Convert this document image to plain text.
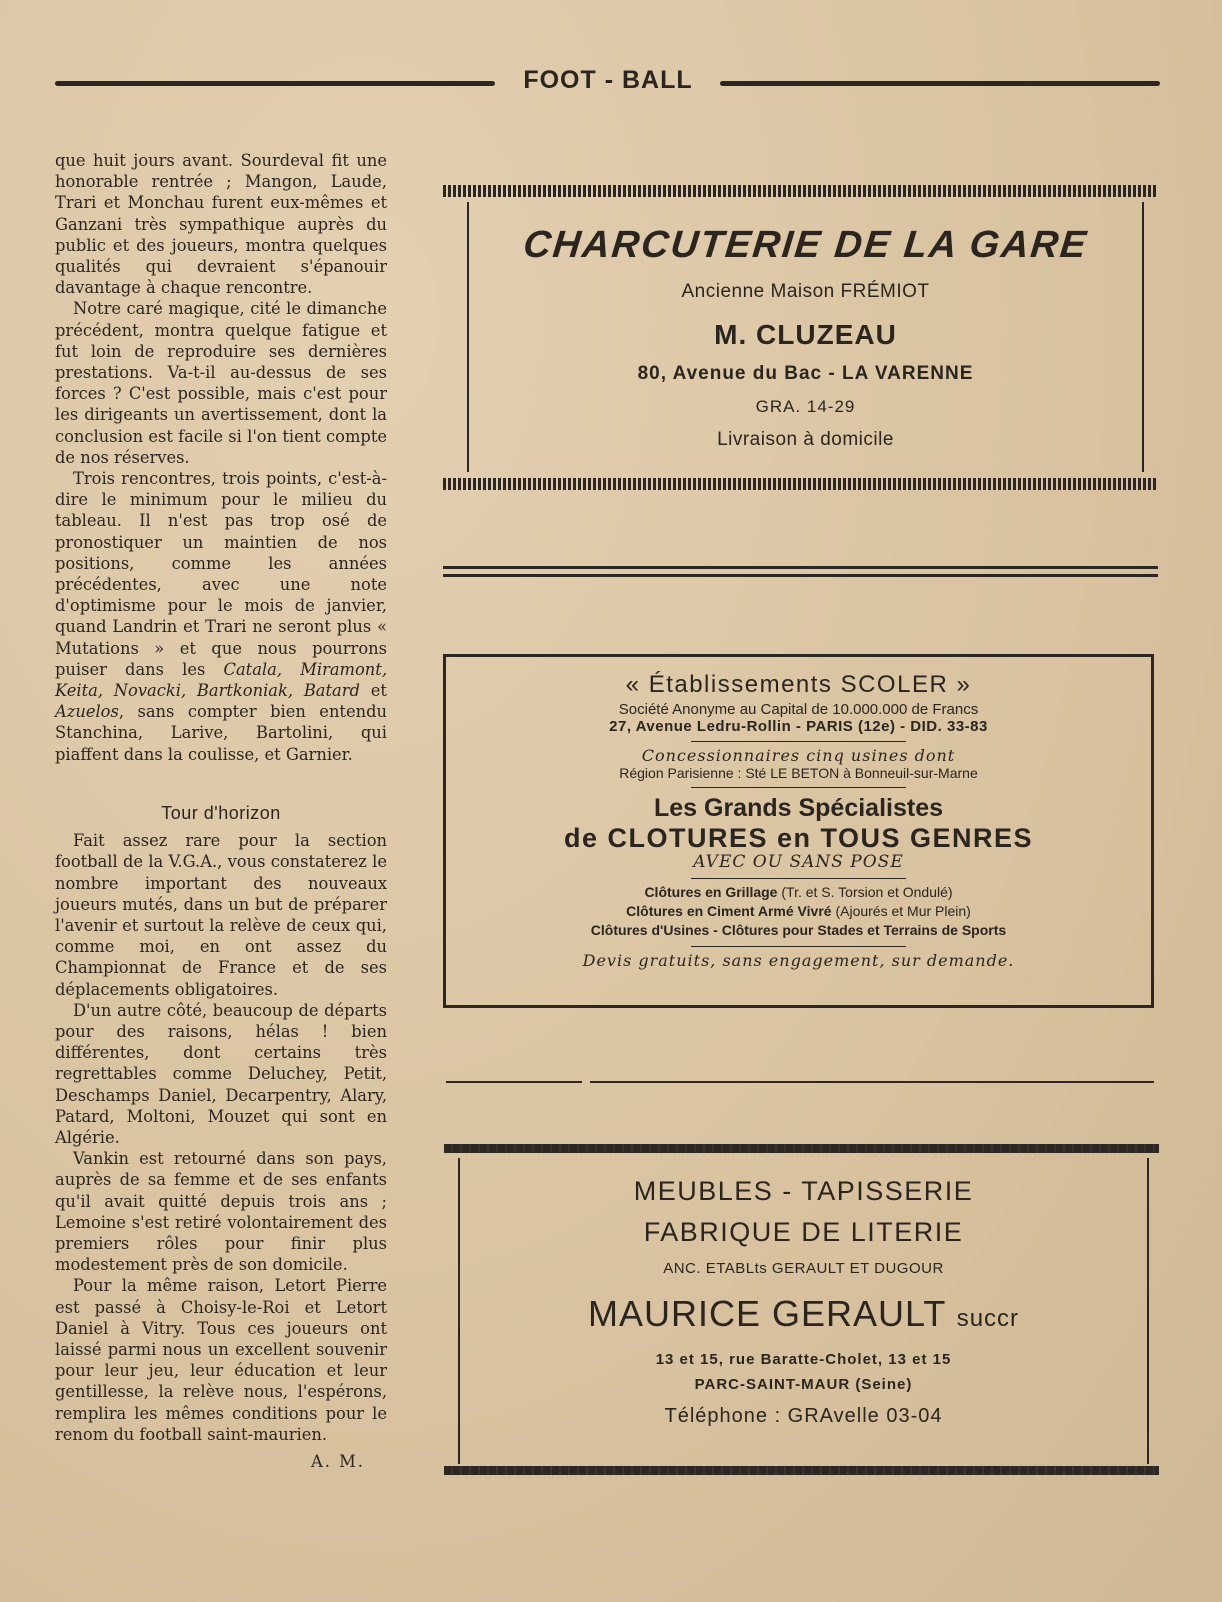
FOOT - BALL

que huit jours avant. Sourdeval fit une honorable rentrée ; Mangon, Laude, Trari et Monchau furent eux-mêmes et Ganzani très sympathique auprès du public et des joueurs, montra quelques qualités qui devraient s'épanouir davantage à chaque rencontre.

Notre caré magique, cité le dimanche précédent, montra quelque fatigue et fut loin de reproduire ses dernières prestations. Va-t-il au-dessus de ses forces ? C'est possible, mais c'est pour les dirigeants un avertissement, dont la conclusion est facile si l'on tient compte de nos réserves.

Trois rencontres, trois points, c'est-à-dire le minimum pour le milieu du tableau. Il n'est pas trop osé de pronostiquer un maintien de nos positions, comme les années précédentes, avec une note d'optimisme pour le mois de janvier, quand Landrin et Trari ne seront plus « Mutations » et que nous pourrons puiser dans les Catala, Miramont, Keita, Novacki, Bartkoniak, Batard et Azuelos, sans compter bien entendu Stanchina, Larive, Bartolini, qui piaffent dans la coulisse, et Garnier.

Tour d'horizon

Fait assez rare pour la section football de la V.G.A., vous constaterez le nombre important des nouveaux joueurs mutés, dans un but de préparer l'avenir et surtout la relève de ceux qui, comme moi, en ont assez du Championnat de France et de ses déplacements obligatoires.

D'un autre côté, beaucoup de départs pour des raisons, hélas ! bien différentes, dont certains très regrettables comme Deluchey, Petit, Deschamps Daniel, Decarpentry, Alary, Patard, Moltoni, Mouzet qui sont en Algérie.

Vankin est retourné dans son pays, auprès de sa femme et de ses enfants qu'il avait quitté depuis trois ans ; Lemoine s'est retiré volontairement des premiers rôles pour finir plus modestement près de son domicile.

Pour la même raison, Letort Pierre est passé à Choisy-le-Roi et Letort Daniel à Vitry. Tous ces joueurs ont laissé parmi nous un excellent souvenir pour leur jeu, leur éducation et leur gentillesse, la relève nous, l'espérons, remplira les mêmes conditions pour le renom du football saint-maurien.

A. M.
CHARCUTERIE DE LA GARE
Ancienne Maison FRÉMIOT
M. CLUZEAU
80, Avenue du Bac - LA VARENNE
GRA. 14-29
Livraison à domicile
« Établissements SCOLER »
Société Anonyme au Capital de 10.000.000 de Francs
27, Avenue Ledru-Rollin - PARIS (12e) - DID. 33-83
Concessionnaires cinq usines dont
Région Parisienne : Sté LE BETON à Bonneuil-sur-Marne
Les Grands Spécialistes
de CLOTURES en TOUS GENRES
AVEC OU SANS POSE
Clôtures en Grillage (Tr. et S. Torsion et Ondulé)
Clôtures en Ciment Armé Vivré (Ajourés et Mur Plein)
Clôtures d'Usines - Clôtures pour Stades et Terrains de Sports
Devis gratuits, sans engagement, sur demande.
MEUBLES - TAPISSERIE
FABRIQUE DE LITERIE
ANC. ETABLts GERAULT ET DUGOUR
MAURICE GERAULT succr
13 et 15, rue Baratte-Cholet, 13 et 15
PARC-SAINT-MAUR (Seine)
Téléphone : GRAvelle 03-04
